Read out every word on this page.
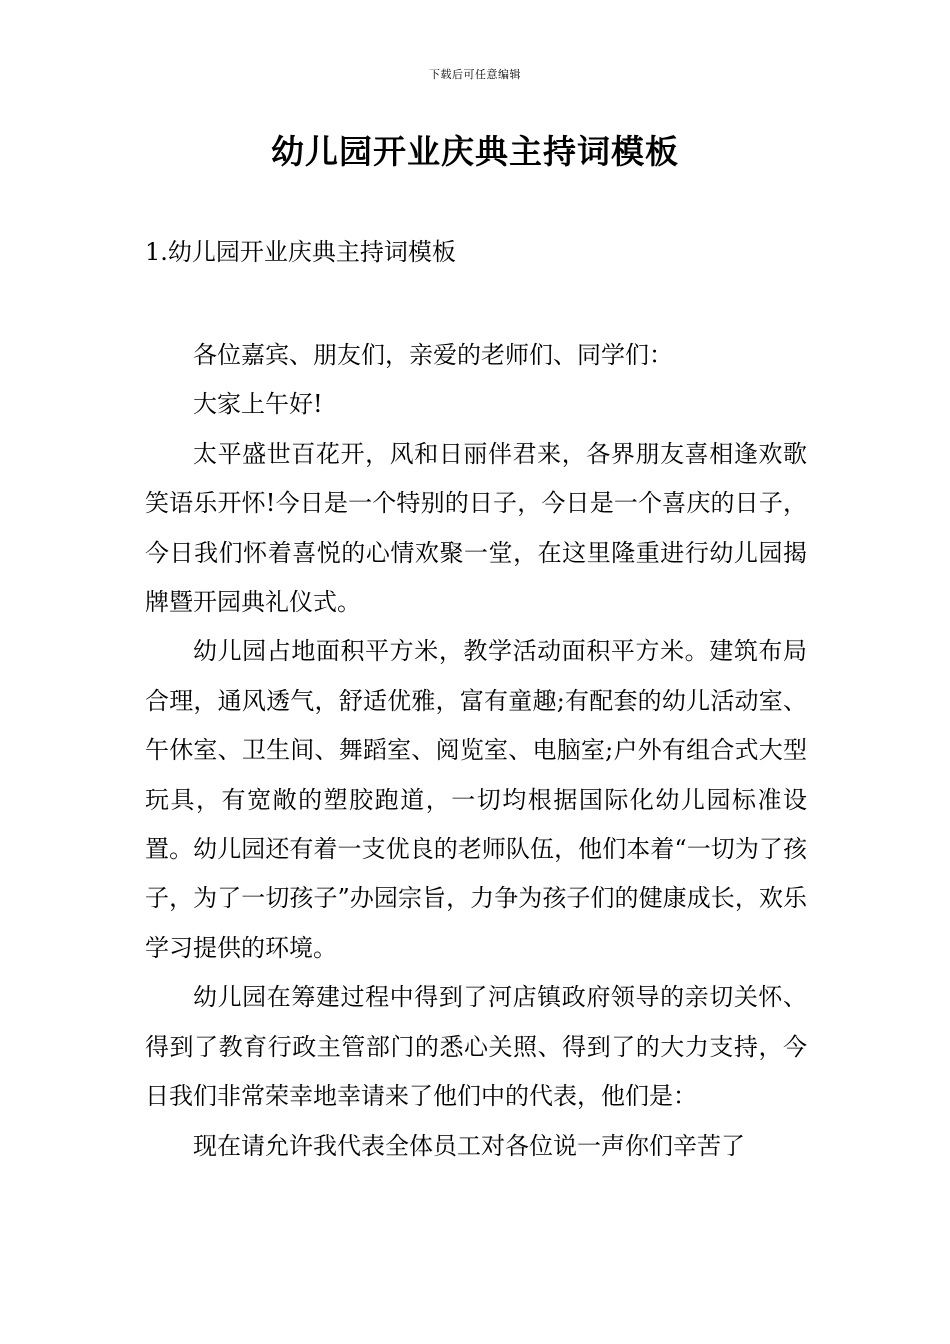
下载后可任意编辑
幼儿园开业庆典主持词模板
1.幼儿园开业庆典主持词模板

各位嘉宾、朋友们，亲爱的老师们、同学们：

大家上午好!

太平盛世百花开，风和日丽伴君来，各界朋友喜相逢欢歌笑语乐开怀!今日是一个特别的日子，今日是一个喜庆的日子，今日我们怀着喜悦的心情欢聚一堂，在这里隆重进行幼儿园揭牌暨开园典礼仪式。

幼儿园占地面积平方米，教学活动面积平方米。建筑布局合理，通风透气，舒适优雅，富有童趣;有配套的幼儿活动室、午休室、卫生间、舞蹈室、阅览室、电脑室;户外有组合式大型玩具，有宽敞的塑胶跑道，一切均根据国际化幼儿园标准设置。幼儿园还有着一支优良的老师队伍，他们本着“一切为了孩子，为了一切孩子”办园宗旨，力争为孩子们的健康成长，欢乐学习提供的环境。

幼儿园在筹建过程中得到了河店镇政府领导的亲切关怀、得到了教育行政主管部门的悉心关照、得到了的大力支持，今日我们非常荣幸地幸请来了他们中的代表，他们是：

现在请允许我代表全体员工对各位说一声你们辛苦了
